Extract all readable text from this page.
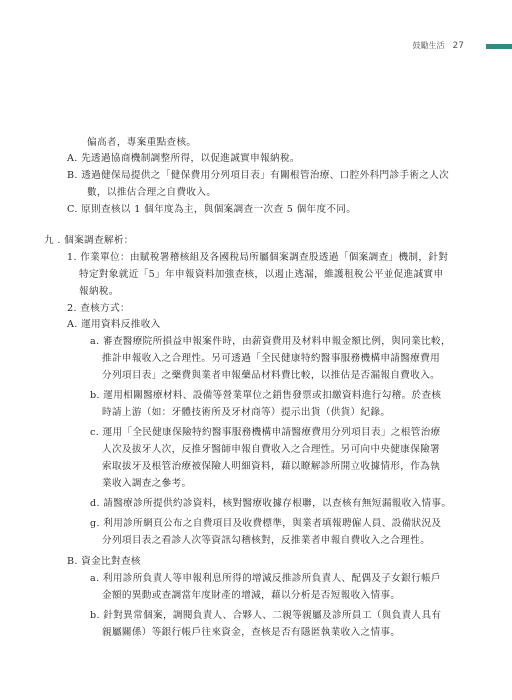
鼓勵生活 27
偏高者，專案重點查核。
A. 先透過協商機制調整所得，以促進誠實申報納稅。
B. 透過健保局提供之「健保費用分列項目表」有關根管治療、口腔外科門診手術之人次
數，以推估合理之自費收入。
C. 原則查核以 1 個年度為主，與個案調查一次查 5 個年度不同。
九 . 個案調查解析：
1. 作業單位：由賦稅署稽核組及各國稅局所屬個案調查股透過「個案調查」機制，針對
特定對象就近「5」年申報資料加強查核，以遏止逃漏，維護租稅公平並促進誠實申
報納稅。
2. 查核方式：
A. 運用資料反推收入
a. 審查醫療院所損益申報案件時，由薪資費用及材料申報金額比例，與同業比較，
推計申報收入之合理性。另可透過「全民健康特約醫事服務機構申請醫療費用
分列項目表」之藥費與業者申報藥品材料費比較，以推估是否漏報自費收入。
b. 運用相關醫療材料、設備等營業單位之銷售發票或扣繳資料進行勾稽。於查核
時請上游（如：牙體技術所及牙材商等）提示出貨（供貨）紀錄。
c. 運用「全民健康保險特約醫事服務機構申請醫療費用分列項目表」之根管治療
人次及拔牙人次，反推牙醫師申報自費收入之合理性。另可向中央健康保險署
索取拔牙及根管治療被保險人明細資料，藉以瞭解診所開立收據情形，作為執
業收入調查之參考。
d. 請醫療診所提供約診資料，核對醫療收據存根聯，以查核有無短漏報收入情事。
g. 利用診所網頁公布之自費項目及收費標準，與業者填報聘僱人員、設備狀況及
分列項目表之看診人次等資訊勾稽核對，反推業者申報自費收入之合理性。
B. 資金比對查核
a. 利用診所負責人等申報利息所得的增減反推診所負責人、配偶及子女銀行帳戶
金額的異動或查調當年度財產的增減，藉以分析是否短報收入情事。
b. 針對異常個案，調閱負責人、合夥人、二親等親屬及診所員工（與負責人具有
親屬關係）等銀行帳戶往來資金，查核是否有隱匿執業收入之情事。
